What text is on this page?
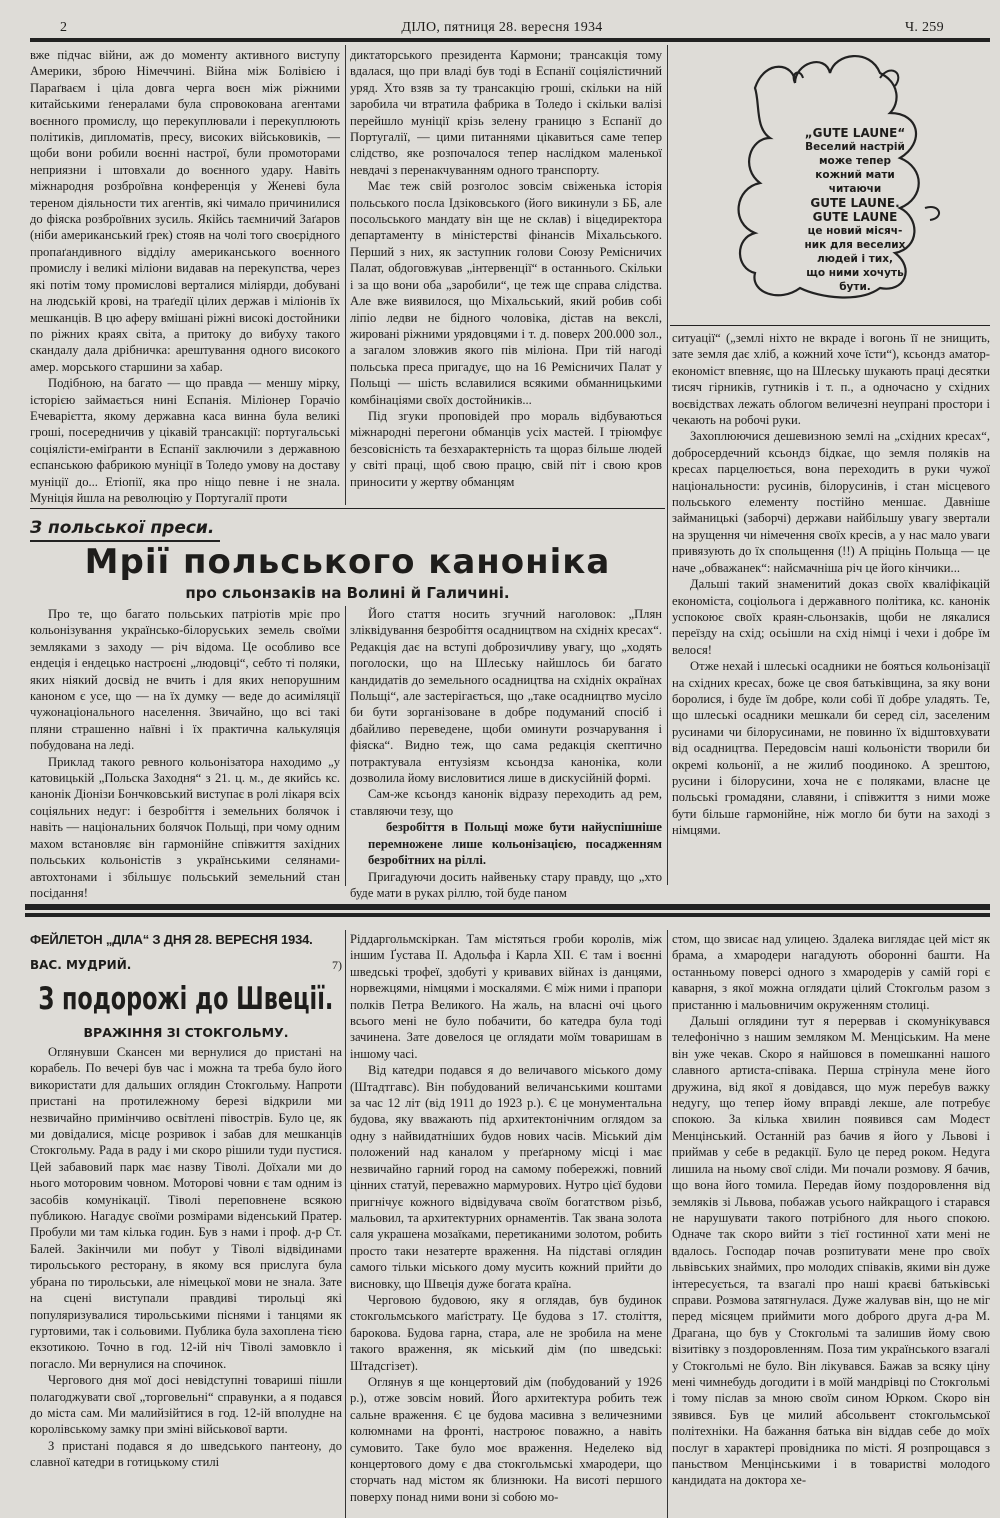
2	ДІЛО, пятниця 28. вересня 1934	Ч. 259

вже підчас війни, аж до моменту активного виступу Америки, зброю Німеччині. Війна між Болівією і Параґваєм і ціла довга черга воєн між ріжними китайськими ґенералами була спровокована агентами воєнного промислу, що перекуплювали і перекуплюють політиків, дипломатів, пресу, високих військовиків, — щоби вони робили воєнні настрої, були промоторами неприязни і штовхали до воєнного удару. Навіть міжнародня розброївна конференція у Женеві була тереном діяльности тих агентів, які чимало причинилися до фіяска розброївних зусиль. Якійсь таємничий Заґаров (ніби американський ґрек) стояв на чолі того своєрідного пропаґандивного відділу американського воєнного промислу і великі міліони видавав на перекупства, через які потім тому промислові верталися міліярди, добувані на людській крові, на траґедії цілих держав і міліонів їх мешканців. В цю аферу вмішані ріжні високі достойники по ріжних краях світа, а притоку до вибуху такого скандалу дала дрібничка: арештування одного високого амер. морського старшини за хабар.

Подібною, на багато — що правда — меншу мірку, історією займається нині Еспанія. Міліонер Горачіо Ечеварієтта, якому державна каса винна була великі гроші, посередничив у цікавій трансакції: португальські соціялісти-еміґранти в Еспанії заключили з державною еспанською фабрикою муніції в Толедо умову на доставу муніції до... Етіопії, яка про ніщо певне і не знала. Муніція йшла на революцію у Португалії проти

диктаторського президента Кармони; трансакція тому вдалася, що при владі був тоді в Еспанії соціялістичний уряд. Хто взяв за ту трансакцію гроші, скільки на ній заробила чи втратила фабрика в Толедо і скільки валізі перейшло муніції крізь зелену границю з Еспанії до Португалії, — цими питаннями цікавиться саме тепер слідство, яке розпочалося тепер наслідком маленької невдачі з перенакчуванням одного транспорту.

Має теж свій розголос зовсім свіженька історія польського посла Ідзіковського (його викинули з ББ, але посольського мандату він ще не склав) і віцедиректора департаменту в міністерстві фінансів Міхальського. Перший з них, як заступник голови Союзу Ремісничих Палат, обдоговжував „інтервенції“ в останнього. Скільки і за що вони оба „заробили“, це теж ще справа слідства. Але вже виявилося, що Міхальський, який робив собі ліпіо ледви не бідного чоловіка, дістав на векслі, жировані ріжними урядовцями і т. д. поверх 200.000 зол., а загалом зловжив якого пів міліона. При тій нагоді польська преса пригадує, що на 16 Ремісничих Палат у Польщі — шість вславилися всякими обманницькими комбінаціями своїх достойників...

Під згуки проповідей про мораль відбуваються міжнародні перегони обманців усіх мастей. І тріюмфує безсовісність та безхарактерність та щораз більше людей у світі праці, щоб свою працю, свій піт і свою кров приносити у жертву обманцям

„GUTE LAUNE“
Веселий настрій
може тепер
кожний мати
читаючи
GUTE LAUNE.
GUTE LAUNE
це новий місяч-
ник для веселих
людей і тих,
що ними хочуть
бути.

ситуації“ („землі ніхто не вкраде і вогонь її не знищить, зате земля дає хліб, а кожний хоче їсти“), ксьондз аматор-економіст впевняє, що на Шлеську шукають праці десятки тисяч гірників, гутників і т. п., а одночасно у східних воєвідствах лежать облогом величезні неупрані простори і чекають на робочі руки.

Захоплюючися дешевизною землі на „східних кресах“, добросердечний ксьондз бідкає, що земля поляків на кресах парцелюється, вона переходить в руки чужої національности: русинів, білорусинів, і стан місцевого польського елементу постійно меншає. Давніше займаницькі (заборчі) держави найбільшу увагу звертали на зрущення чи німечення своїх кресів, а у нас мало уваги привязують до їх спольщення (!!) А пріцінь Польща — це наче „обважанек“: найсмачніша річ це його кінчики...

Дальші такий знаменитий доказ своїх кваліфікацій економіста, соціольога і державного політика, кс. канонік успокоює своїх краян-сльонзаків, щоби не лякалися переїзду на схід; осьішли на схід німці і чехи і добре їм велося!

Отже нехай і шлеські осадники не бояться кольонізації на східних кресах, боже це своя батьківщина, за яку вони боролися, і буде їм добре, коли собі її добре уладять. Те, що шлеські осадники мешкали би серед сіл, заселеним русинами чи білорусинами, не повинно їх відштовхувати від осадництва. Передовсім наші кольоністи творили би окремі кольонії, а не жилиб поодиноко. А зрештою, русини і білорусини, хоча не є поляками, власне це польські громадяни, славяни, і співжиття з ними може бути більше гармонійне, ніж могло би бути на заході з німцями.

З польської преси.
Мрії польського каноніка
про сльонзаків на Волині й Галичині.

Про те, що багато польських патріотів мріє про кольонізування українсько-білоруських земель своїми земляками з заходу — річ відома. Це особливо все ендеція і ендецько настроєні „людовці“, себто ті поляки, яких ніякий досвід не вчить і для яких непорушним каноном є усе, що — на їх думку — веде до асиміляції чужонаціонального населення. Звичайно, що всі такі пляни страшенно наївні і їх практична калькуляція побудована на леді.

Приклад такого ревного кольонізатора находимо „у катовицькій „Польска Заходня“ з 21. ц. м., де якийсь кс. канонік Діонізи Бончковський виступає в ролі лікаря всіх соціяльних недуг: і безробіття і земельних болячок і навіть — національних болячок Польщі, при чому одним махом встановляє він гармонійне співжиття західних польських кольоністів з українськими селянами-автохтонами і збільшує польський земельний стан посідання!

Його стаття носить згучний наголовок: „Плян зліквідування безробіття осадництвом на східніх кресах“. Редакція дає на вступі доброзичливу увагу, що „ходять поголоски, що на Шлеську найшлось би багато кандидатів до земельного осадництва на східніх окраїнах Польщі“, але застерігається, що „таке осадництво мусіло би бути зорганізоване в добре подуманий спосіб і дбайливо переведене, щоби оминути розчарування і фіяска“. Видно теж, що сама редакція скептично потрактувала ентузіязм ксьондза каноніка, коли дозволила йому висловитися лише в дискусійній формі.

Сам-же ксьондз канонік відразу переходить ад рем, ставляючи тезу, що

безробіття в Польщі може бути найуспішніше перемножене лише кольонізацією, посадженням безробітних на ріллі.

Пригадуючи досить найвеньку стару правду, що „хто буде мати в руках ріллю, той буде паном

ФЕЙЛЕТОН „ДІЛА“ З ДНЯ 28. ВЕРЕСНЯ 1934.
ВАС. МУДРИЙ.	7)
З подорожі до Швеції.
ВРАЖІННЯ ЗІ СТОКГОЛЬМУ.

Оглянувши Скансен ми вернулися до пристані на корабель. По вечері був час і можна та треба було його використати для дальших оглядин Стокгольму. Напроти пристані на протилежному березі відкрили ми незвичайно примінчиво освітлені півострів. Було це, як ми довідалися, місце розривок і забав для мешканців Стокгольму. Рада в раду і ми скоро рішили туди пустися. Цей забавовий парк має назву Тіволі. Доїхали ми до нього моторовим човном. Моторові човни є там одним із засобів комунікації. Тіволі переповнене всякою публикою. Нагадує своїми розмірами віденський Пратер. Пробули ми там кілька годин. Був з нами і проф. д-р Ст. Балей. Закінчили ми побут у Тіволі відвідинами тирольського ресторану, в якому вся прислуга була убрана по тирольськи, але німецької мови не знала. Зате на сцені виступали правдиві тирольці які популяризувалися тирольськими піснями і танцями як гуртовими, так і сольовими. Публика була захоплена тією екзотикою. Точно в год. 12-ій ніч Тіволі замовкло і погасло. Ми вернулися на спочинок.

Чергового дня мої досі невідступні товариші пішли полагоджувати свої „торговельні“ справунки, а я подався до міста сам. Ми малийзійтися в год. 12-ій вполудне на королівському замку при зміні військової варти.

З пристані подався я до шведського пантеону, до славної катедри в готицькому стилі

Ріддаргольмскіркан. Там містяться гроби королів, між іншим Ґустава II. Адольфа і Карла XII. Є там і воєнні шведські трофеї, здобуті у кривавих війнах із данцями, норвежцями, німцями і москалями. Є між ними і прапори полків Петра Великого. На жаль, на власні очі цього всього мені не було побачити, бо катедра була тоді зачинена. Зате довелося це оглядати моїм товаришам в іншому часі.

Від катедри подався я до величавого міського дому (Штадтгавс). Він побудований величанськими коштами за час 12 літ (від 1911 до 1923 р.). Є це монументальна будова, яку вважають під архитектонічним оглядом за одну з найвидатніших будов нових часів. Міський дім положений над каналом у преґарному місці і має незвичайно гарний город на самому побережжі, повний цінних статуй, переважно мармурових. Нутро цієї будови пригнічує кожного відвідувача своїм богатством різьб, мальовил, та архитектурних орнаментів. Так звана золота саля украшена мозаїками, перетиканими золотом, робить просто таки незатерте враження. На підставі оглядин самого тільки міського дому мусить кожний прийти до висновку, що Швеція дуже богата країна.

Черговою будовою, яку я оглядав, був будинок стокгольмського маґістрату. Це будова з 17. століття, барокова. Будова гарна, стара, але не зробила на мене такого враження, як міський дім (по шведські: Штадсгізет).

Оглянув я ще концертовий дім (побудований у 1926 р.), отже зовсім новий. Його архитектура робить теж сальне враження. Є це будова масивна з величезними колюмнами на фронті, настроює поважно, а навіть сумовито. Таке було моє враження. Неделеко від концертового дому є два стокгольмські хмародери, що сторчать над містом як близнюки. На висоті першого поверху понад ними вони зі собою мо-

стом, що звисає над улицею. Здалека виглядає цей міст як брама, а хмародери нагадують оборонні башти. На останньому поверсі одного з хмародерів у самій горі є каварня, з якої можна оглядати цілий Стокгольм разом з пристанню і мальовничим окруженням столиці.

Дальші оглядини тут я перервав і скомунікувався телефонічно з нашим земляком М. Менціським. На мене він уже чекав. Скоро я найшовся в помешканні нашого славного артиста-співака. Перша стрінула мене його дружина, від якої я довідався, що муж перебув важку недугу, що тепер йому вправді лекше, але потребує спокою. За кілька хвилин появився сам Модест Менцінський. Останній раз бачив я його у Львові і приймав у себе в редакції. Було це перед роком. Недуга лишила на ньому свої сліди. Ми почали розмову. Я бачив, що вона його томила. Передав йому поздоровлення від земляків зі Львова, побажав усього найкращого і старався не нарушувати такого потрібного для нього спокою. Одначе так скоро вийти з тієї гостинної хати мені не вдалось. Господар почав розпитувати мене про своїх львівських знаймих, про молодих співаків, якими він дуже інтересується, та взагалі про наші краєві батьківські справи. Розмова затягнулася. Дуже жалував він, що не міг перед місяцем приймити мого доброго друга д-ра М. Драгана, що був у Стокгольмі та залишив йому свою візитівку з поздоровленням. Поза тим українського взагалі у Стокгольмі не було. Він лікувався. Бажав за всяку ціну мені чимнебудь догодити і в моїй мандрівці по Стокгольмі і тому післав за мною своїм сином Юрком. Скоро він зявився. Був це милий абсольвент стокгольмської політехніки. На бажання батька він віддав себе до моїх послуг в характері провідника по місті. Я розпрощався з паньством Менцінськими і в товаристві молодого кандидата на доктора хе-
